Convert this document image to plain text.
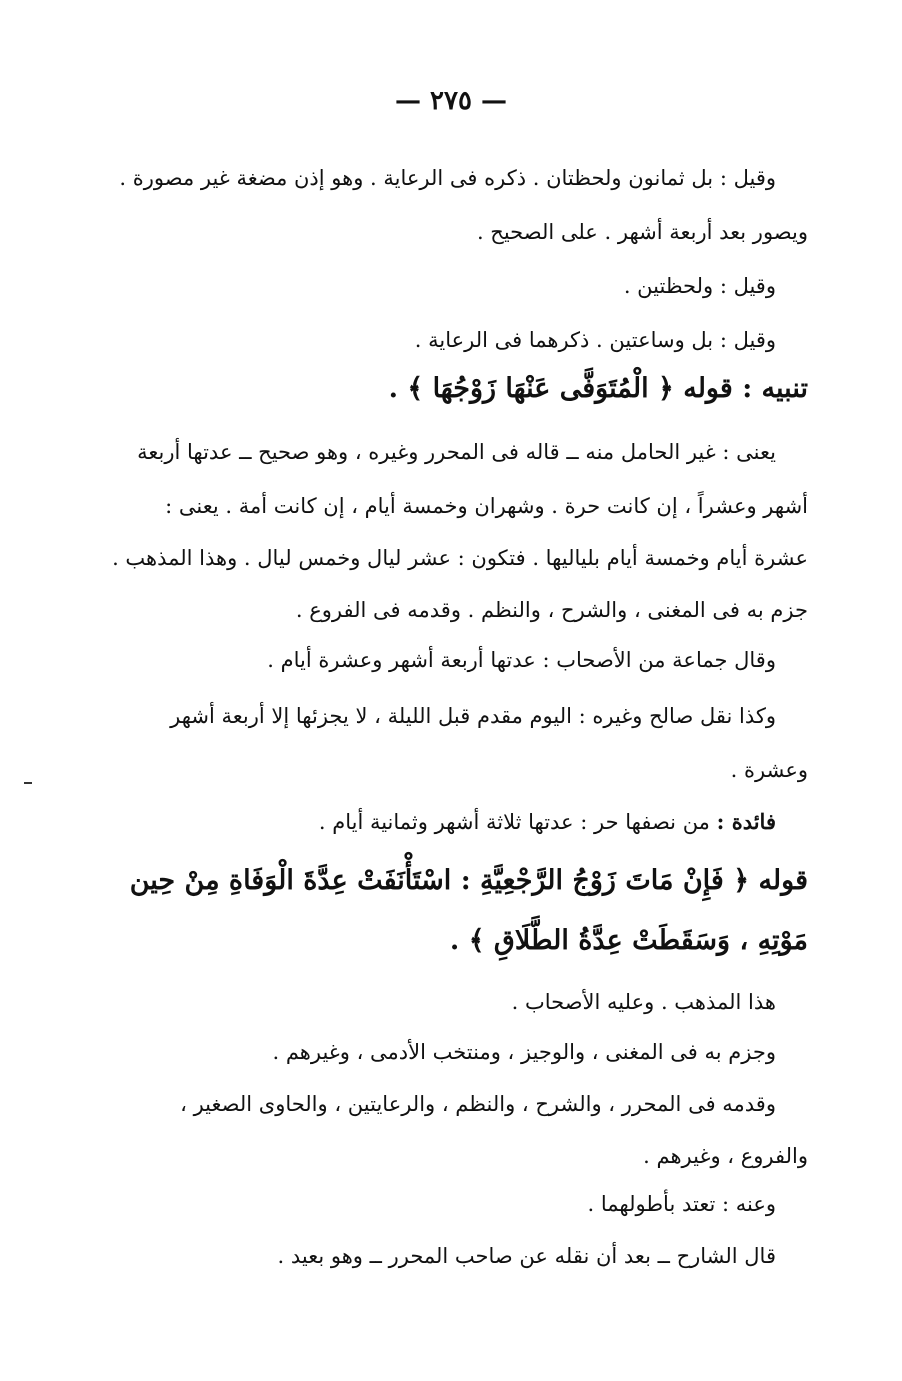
— ٢٧٥ —
وقيل : بل ثمانون ولحظتان . ذكره فى الرعاية . وهو إذن مضغة غير مصورة .
ويصور بعد أربعة أشهر . على الصحيح .
وقيل : ولحظتين .
وقيل : بل وساعتين . ذكرهما فى الرعاية .
تنبيه : قوله ﴿ الْمُتَوَفَّى عَنْهَا زَوْجُهَا ﴾ .
يعنى : غير الحامل منه ــ قاله فى المحرر وغيره ، وهو صحيح ــ عدتها أربعة
أشهر وعشراً ، إن كانت حرة . وشهران وخمسة أيام ، إن كانت أمة . يعنى :
عشرة أيام وخمسة أيام بلياليها . فتكون : عشر ليال وخمس ليال . وهذا المذهب .
جزم به فى المغنى ، والشرح ، والنظم . وقدمه فى الفروع .
وقال جماعة من الأصحاب : عدتها أربعة أشهر وعشرة أيام .
وكذا نقل صالح وغيره : اليوم مقدم قبل الليلة ، لا يجزئها إلا أربعة أشهر
وعشرة .
فائدة : من نصفها حر : عدتها ثلاثة أشهر وثمانية أيام .
قوله ﴿ فَإِنْ مَاتَ زَوْجُ الرَّجْعِيَّةِ : اسْتَأْنَفَتْ عِدَّةَ الْوَفَاةِ مِنْ حِين
مَوْتِهِ ، وَسَقَطَتْ عِدَّةُ الطَّلَاقِ ﴾ .
هذا المذهب . وعليه الأصحاب .
وجزم به فى المغنى ، والوجيز ، ومنتخب الأدمى ، وغيرهم .
وقدمه فى المحرر ، والشرح ، والنظم ، والرعايتين ، والحاوى الصغير ،
والفروع ، وغيرهم .
وعنه : تعتد بأطولهما .
قال الشارح ــ بعد أن نقله عن صاحب المحرر ــ وهو بعيد .
